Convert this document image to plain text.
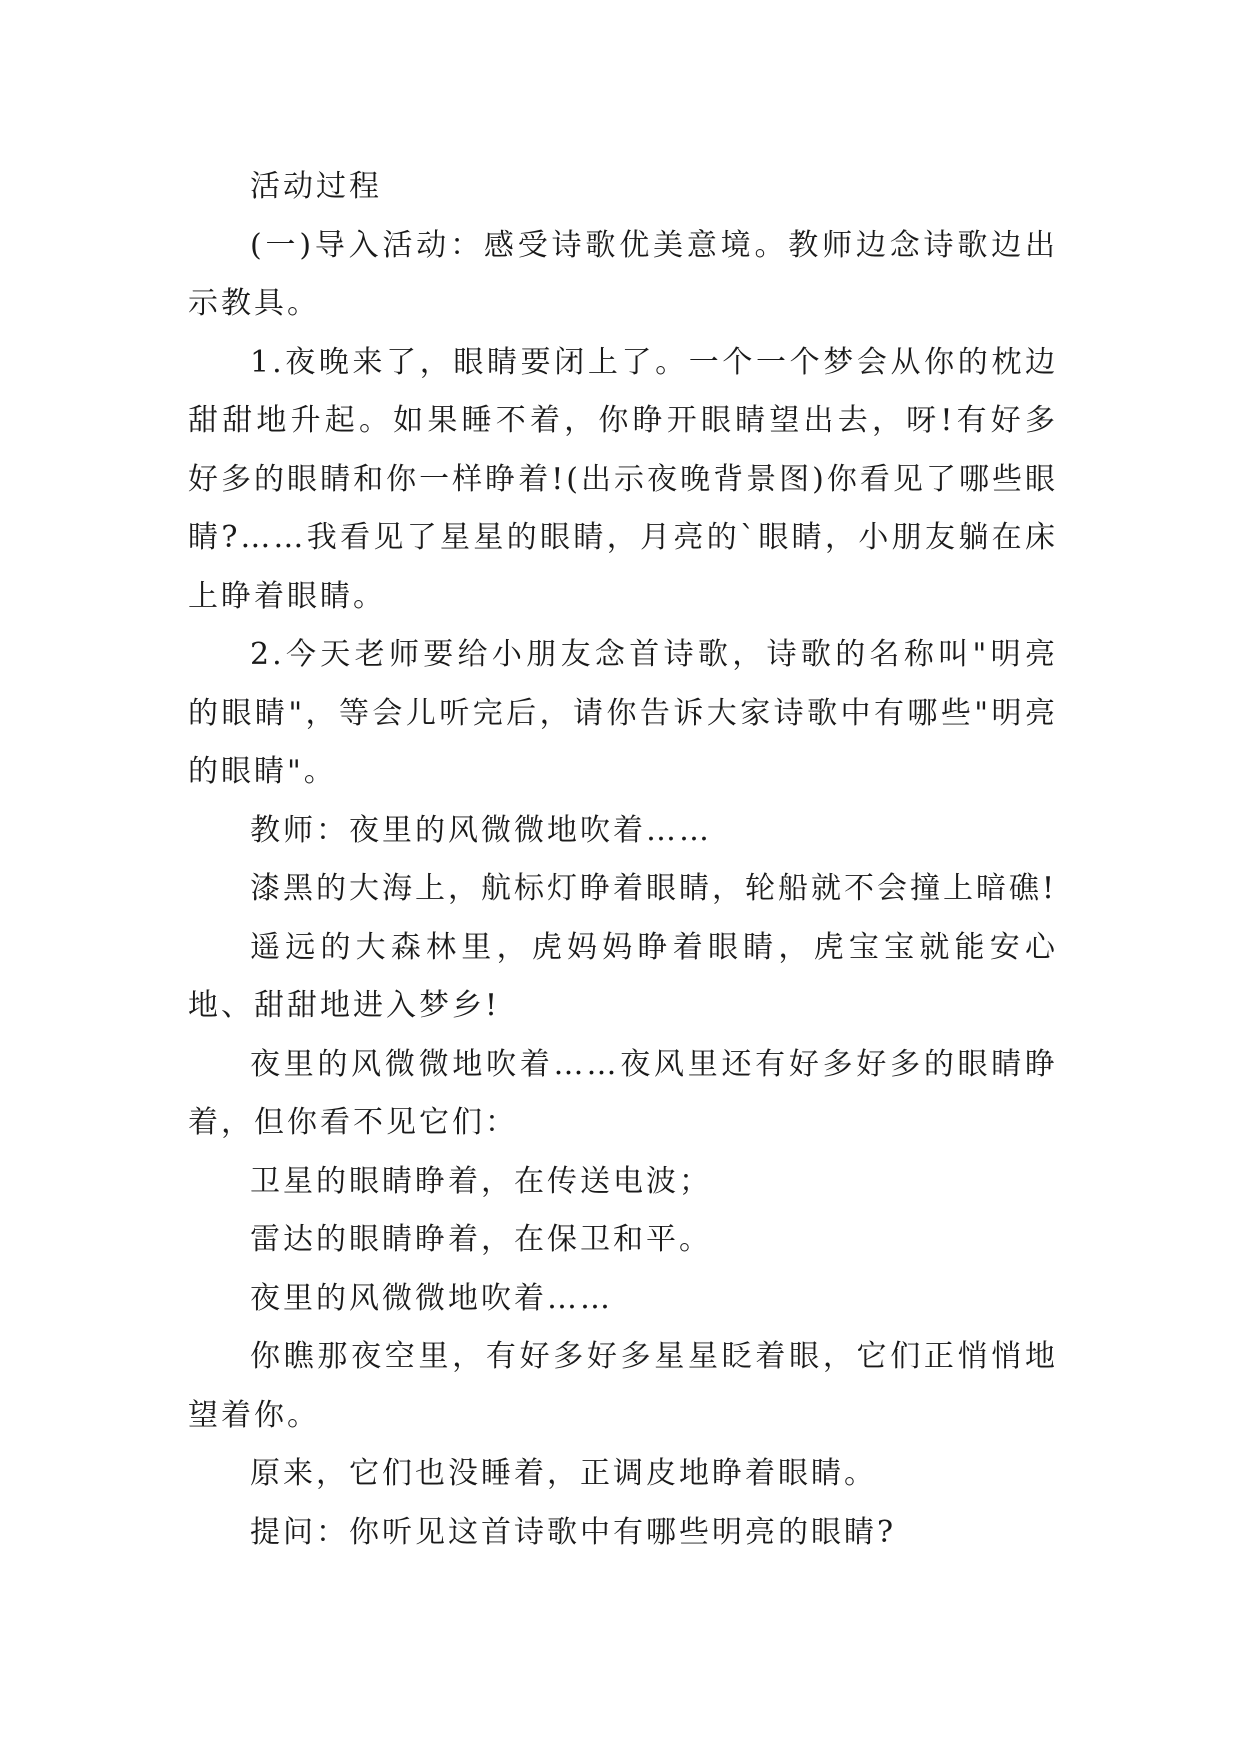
活动过程

(一)导入活动：感受诗歌优美意境。教师边念诗歌边出示教具。

1.夜晚来了，眼睛要闭上了。一个一个梦会从你的枕边甜甜地升起。如果睡不着，你睁开眼睛望出去，呀!有好多好多的眼睛和你一样睁着!(出示夜晚背景图)你看见了哪些眼睛?……我看见了星星的眼睛，月亮的`眼睛，小朋友躺在床上睁着眼睛。

2.今天老师要给小朋友念首诗歌，诗歌的名称叫"明亮的眼睛"，等会儿听完后，请你告诉大家诗歌中有哪些"明亮的眼睛"。

教师：夜里的风微微地吹着……

漆黑的大海上，航标灯睁着眼睛，轮船就不会撞上暗礁!

遥远的大森林里，虎妈妈睁着眼睛，虎宝宝就能安心地、甜甜地进入梦乡!

夜里的风微微地吹着……夜风里还有好多好多的眼睛睁着，但你看不见它们：

卫星的眼睛睁着，在传送电波；

雷达的眼睛睁着，在保卫和平。

夜里的风微微地吹着……

你瞧那夜空里，有好多好多星星眨着眼，它们正悄悄地望着你。

原来，它们也没睡着，正调皮地睁着眼睛。

提问：你听见这首诗歌中有哪些明亮的眼睛?
